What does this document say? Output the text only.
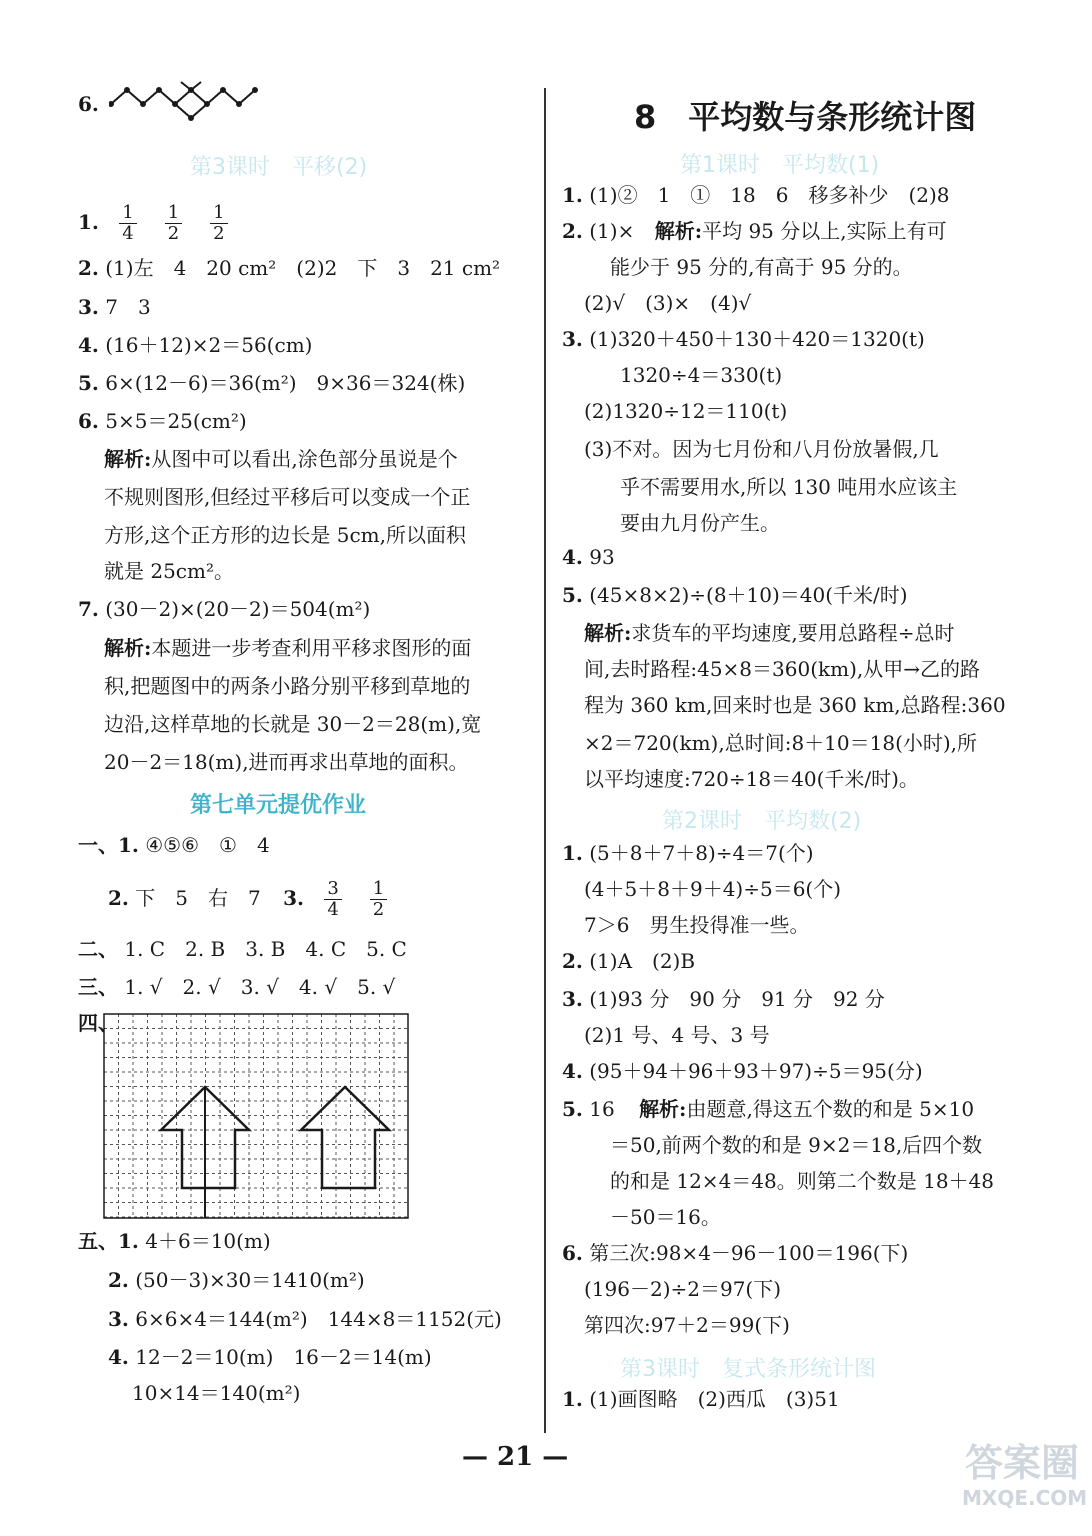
6.
第3课时　平移(2)
1. $\frac{1}{4} \frac{1}{2} \frac{1}{2}$
2. (1)左　4　20 cm²　(2)2　下　3　21 cm²
3. 7　3
4. (16＋12)×2＝56(cm)
5. 6×(12－6)＝36(m²)　9×36＝324(株)
6. 5×5＝25(cm²)
解析:从图中可以看出,涂色部分虽说是个
不规则图形,但经过平移后可以变成一个正
方形,这个正方形的边长是 5cm,所以面积
就是 25cm²。
7. (30－2)×(20－2)＝504(m²)
解析:本题进一步考查利用平移求图形的面
积,把题图中的两条小路分别平移到草地的
边沿,这样草地的长就是 30－2＝28(m),宽
20－2＝18(m),进而再求出草地的面积。
第七单元提优作业
一、1. ④⑤⑥　①　4
2. 下　5　右　7 3. $\frac{3}{4} \frac{1}{2}$
二、 1. C　2. B　3. B　4. C　5. C
三、 1. √　2. √　3. √　4. √　5. √
四、
五、1. 4＋6＝10(m)
2. (50－3)×30＝1410(m²)
3. 6×6×4＝144(m²)　144×8＝1152(元)
4. 12－2＝10(m)　16－2＝14(m)
10×14＝140(m²)
8　平均数与条形统计图
第1课时　平均数(1)
1. (1)②　1　①　18　6　移多补少　(2)8
2. (1)× 解析:平均 95 分以上,实际上有可
能少于 95 分的,有高于 95 分的。
(2)√　(3)×　(4)√
3. (1)320＋450＋130＋420＝1320(t)
1320÷4＝330(t)
(2)1320÷12＝110(t)
(3)不对。因为七月份和八月份放暑假,几
乎不需要用水,所以 130 吨用水应该主
要由九月份产生。
4. 93
5. (45×8×2)÷(8＋10)＝40(千米/时)
解析:求货车的平均速度,要用总路程÷总时
间,去时路程:45×8＝360(km),从甲→乙的路
程为 360 km,回来时也是 360 km,总路程:360
×2＝720(km),总时间:8＋10＝18(小时),所
以平均速度:720÷18＝40(千米/时)。
第2课时　平均数(2)
1. (5＋8＋7＋8)÷4＝7(个)
(4＋5＋8＋9＋4)÷5＝6(个)
7＞6　男生投得准一些。
2. (1)A　(2)B
3. (1)93 分　90 分　91 分　92 分
(2)1 号、4 号、3 号
4. (95＋94＋96＋93＋97)÷5＝95(分)
5. 16 解析:由题意,得这五个数的和是 5×10
＝50,前两个数的和是 9×2＝18,后四个数
的和是 12×4＝48。则第二个数是 18＋48
－50＝16。
6. 第三次:98×4－96－100＝196(下)
(196－2)÷2＝97(下)
第四次:97＋2＝99(下)
第3课时　复式条形统计图
1. (1)画图略　(2)西瓜　(3)51
— 21 —	答案圈
MXQE.COM
